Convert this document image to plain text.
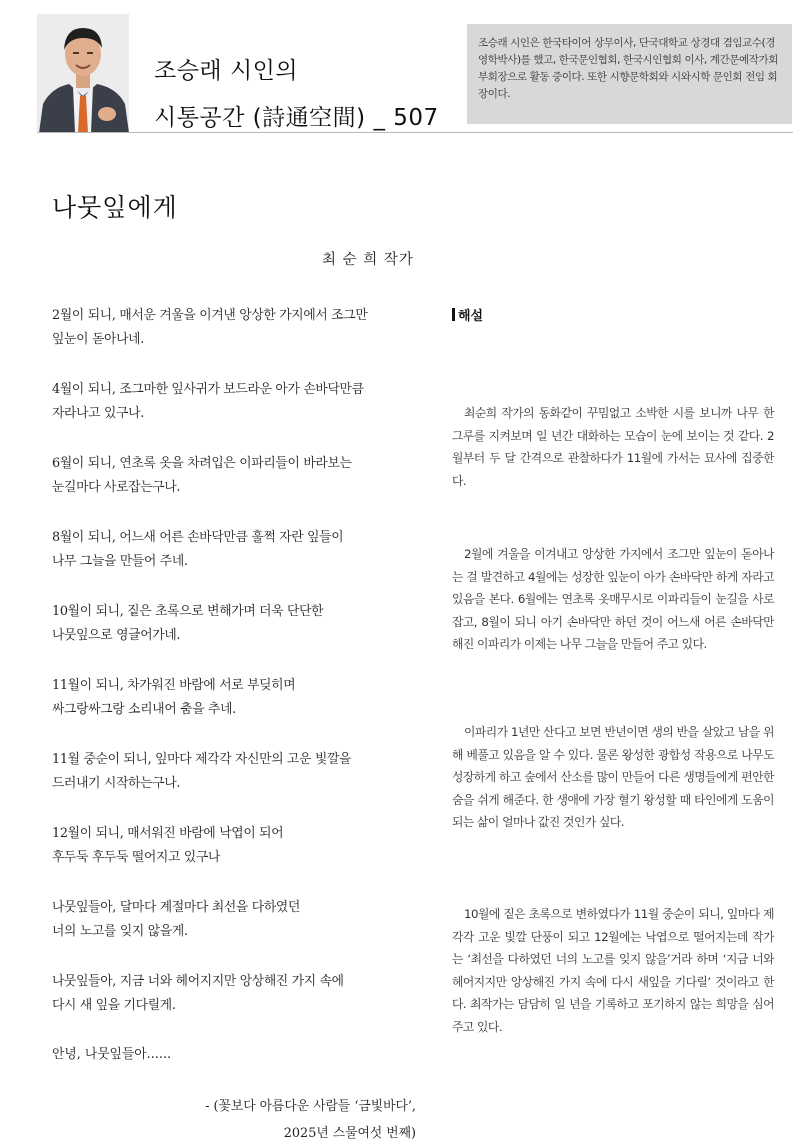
조승래 시인의
시통공간 (詩通空間) _ 507
조승래 시인은 한국타이어 상무이사, 단국대학교 상경대 겸임교수(경영학박사)를 했고, 한국문인협회, 한국시인협회 이사, 계간문예작가회 부회장으로 활동 중이다. 또한 시향문학회와 시와시학 문인회 전임 회장이다.
나뭇잎에게
최 순 희 작가
2월이 되니, 매서운 겨울을 이겨낸 앙상한 가지에서 조그만
잎눈이 돋아나네.
4월이 되니, 조그마한 잎사귀가 보드라운 아가 손바닥만큼
자라나고 있구나.
6월이 되니, 연초록 옷을 차려입은 이파리들이 바라보는
눈길마다 사로잡는구나.
8월이 되니, 어느새 어른 손바닥만큼 훌쩍 자란 잎들이
나무 그늘을 만들어 주네.
10월이 되니, 짙은 초록으로 변해가며 더욱 단단한
나뭇잎으로 영글어가네.
11월이 되니, 차가워진 바람에 서로 부딪히며
싸그랑싸그랑 소리내어 춤을 추네.
11월 중순이 되니, 잎마다 제각각 자신만의 고운 빛깔을
드러내기 시작하는구나.
12월이 되니, 매서워진 바람에 낙엽이 되어
후두둑 후두둑 떨어지고 있구나
나뭇잎들아, 달마다 계절마다 최선을 다하였던
너의 노고를 잊지 않을게.
나뭇잎들아, 지금 너와 헤어지지만 앙상해진 가지 속에
다시 새 잎을 기다릴게.
안녕, 나뭇잎들아......
- (꽃보다 아름다운 사람들 ‘금빛바다’,
2025년 스물여섯 번째)
해설
최순희 작가의 동화같이 꾸밈없고 소박한 시를 보니까 나무 한 그루를 지켜보며 일 년간 대화하는 모습이 눈에 보이는 것 같다. 2월부터 두 달 간격으로 관찰하다가 11월에 가서는 묘사에 집중한다.
2월에 겨울을 이겨내고 앙상한 가지에서 조그만 잎눈이 돋아나는 걸 발견하고 4월에는 성장한 잎눈이 아가 손바닥만 하게 자라고 있음을 본다. 6월에는 연초록 옷매무시로 이파리들이 눈길을 사로잡고, 8월이 되니 아기 손바닥만 하던 것이 어느새 어른 손바닥만 해진 이파리가 이제는 나무 그늘을 만들어 주고 있다.
이파리가 1년만 산다고 보면 반년이면 생의 반을 살았고 남을 위해 베풀고 있음을 알 수 있다. 물론 왕성한 광합성 작용으로 나무도 성장하게 하고 숲에서 산소를 많이 만들어 다른 생명들에게 편안한 숨을 쉬게 해준다. 한 생애에 가장 혈기 왕성할 때 타인에게 도움이 되는 삶이 얼마나 값진 것인가 싶다.
10월에 짙은 초록으로 변하였다가 11월 중순이 되니, 잎마다 제각각 고운 빛깔 단풍이 되고 12월에는 낙엽으로 떨어지는데 작가는 ‘최선을 다하였던 너의 노고를 잊지 않을’거라 하며 ‘지금 너와 헤어지지만 앙상해진 가지 속에 다시 새잎을 기다릴’ 것이라고 한다. 최작가는 담담히 일 년을 기록하고 포기하지 않는 희망을 심어주고 있다.
